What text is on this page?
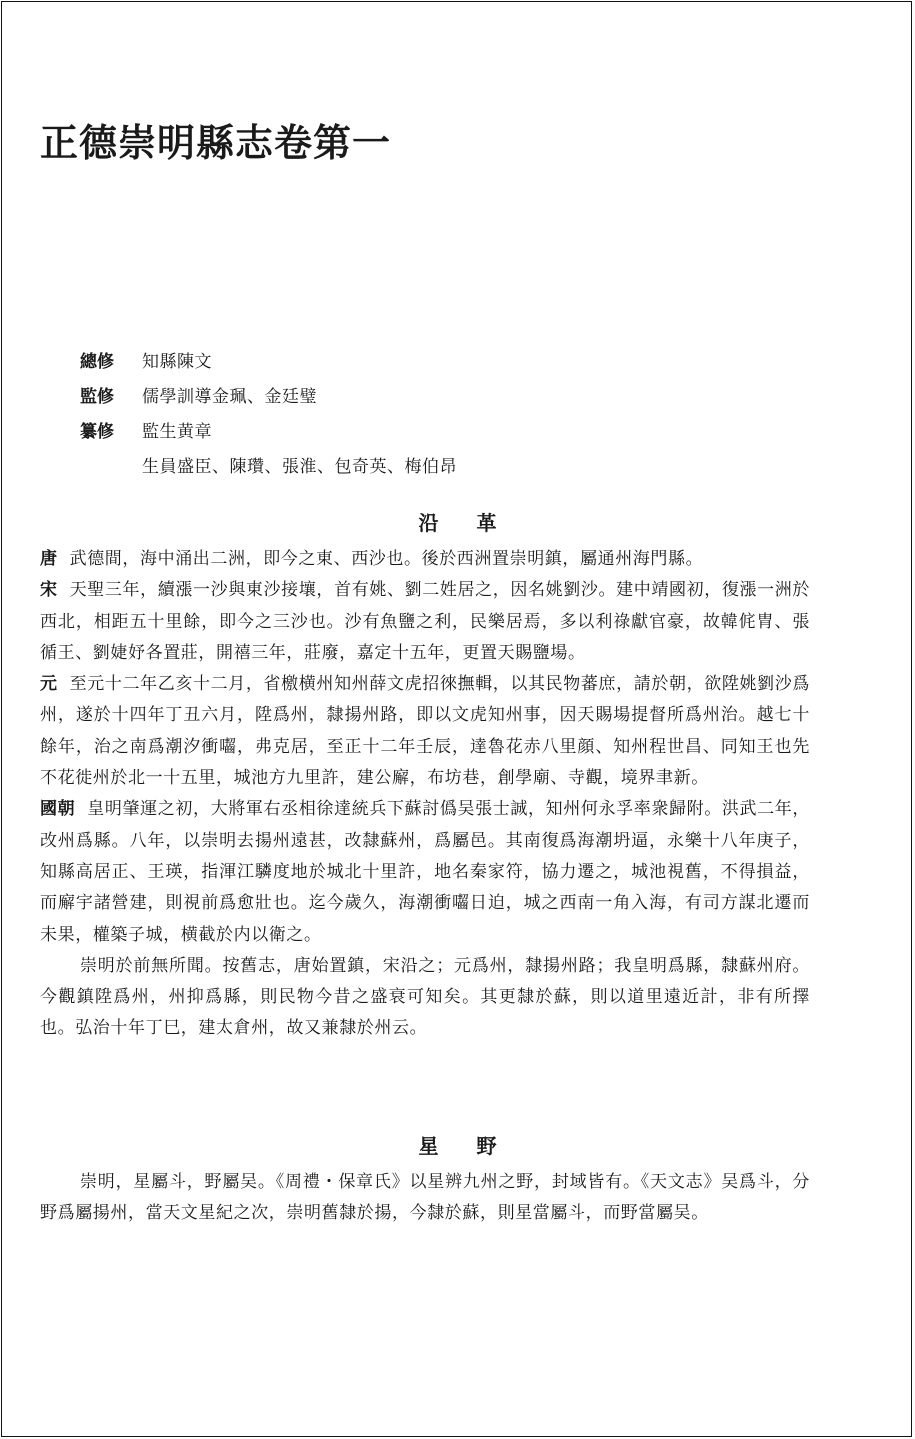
正德崇明縣志卷第一
總修	知縣陳文
監修	儒學訓導金珮、金廷璧
纂修	監生黄章
生員盛臣、陳瓚、張淮、包奇英、梅伯昂
沿 革

唐 武德間，海中涌出二洲，即今之東、西沙也。後於西洲置崇明鎮，屬通州海門縣。

宋 天聖三年，續漲一沙與東沙接壤，首有姚、劉二姓居之，因名姚劉沙。建中靖國初，復漲一洲於西北，相距五十里餘，即今之三沙也。沙有魚鹽之利，民樂居焉，多以利祿獻官豪，故韓侂胄、張循王、劉婕妤各置莊，開禧三年，莊廢，嘉定十五年，更置天賜鹽場。

元 至元十二年乙亥十二月，省檄横州知州薛文虎招徠撫輯，以其民物蕃庶，請於朝，欲陞姚劉沙爲州，遂於十四年丁丑六月，陞爲州，隸揚州路，即以文虎知州事，因天賜場提督所爲州治。越七十餘年，治之南爲潮汐衝囓，弗克居，至正十二年壬辰，達魯花赤八里顔、知州程世昌、同知王也先不花徙州於北一十五里，城池方九里許，建公廨，布坊巷，創學廟、寺觀，境界聿新。

國朝 皇明肇運之初，大將軍右丞相徐達統兵下蘇討僞吴張士誠，知州何永孚率衆歸附。洪武二年，改州爲縣。八年，以崇明去揚州遠甚，改隸蘇州，爲屬邑。其南復爲海潮坍逼，永樂十八年庚子，知縣高居正、王瑛，指渾江驎度地於城北十里許，地名秦家符，協力遷之，城池視舊，不得損益，而廨宇諸營建，則視前爲愈壯也。迄今歲久，海潮衝囓日迫，城之西南一角入海，有司方謀北遷而未果，權築子城，横截於内以衛之。

崇明於前無所聞。按舊志，唐始置鎮，宋沿之；元爲州，隸揚州路；我皇明爲縣，隸蘇州府。今觀鎮陞爲州，州抑爲縣，則民物今昔之盛衰可知矣。其更隸於蘇，則以道里遠近計，非有所擇也。弘治十年丁巳，建太倉州，故又兼隸於州云。

星 野

崇明，星屬斗，野屬吴。《周禮・保章氏》以星辨九州之野，封域皆有。《天文志》吴爲斗，分野爲屬揚州，當天文星紀之次，崇明舊隸於揚，今隸於蘇，則星當屬斗，而野當屬吴。
